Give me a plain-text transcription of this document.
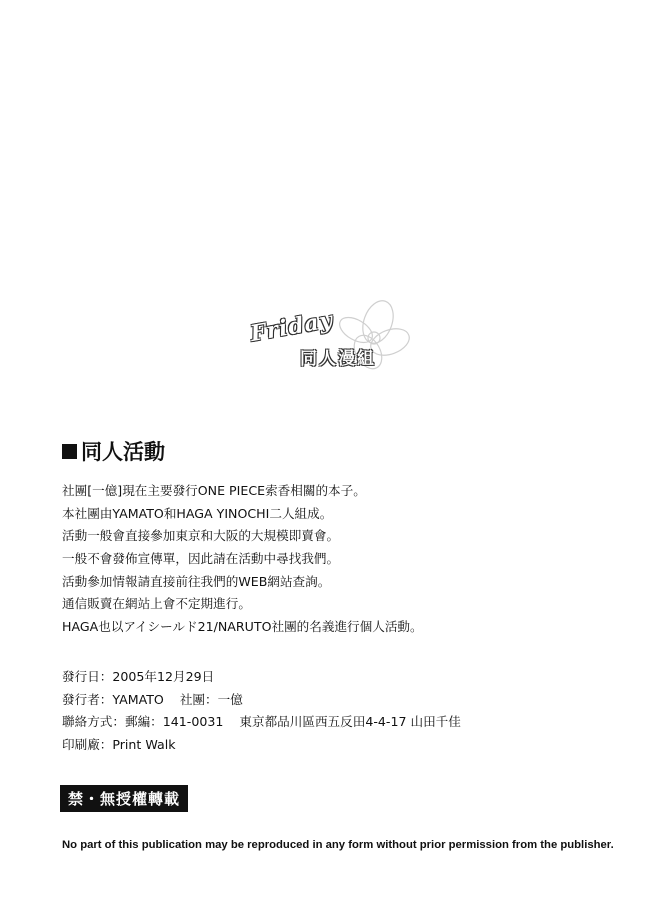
Friday
同人漫組
同人活動
社團[一億]現在主要發行ONE PIECE索香相關的本子。
本社團由YAMATO和HAGA YINOCHI二人組成。
活動一般會直接參加東京和大阪的大規模即賣會。
一般不會發佈宣傳單，因此請在活動中尋找我們。
活動參加情報請直接前往我們的WEB網站查詢。
通信販賣在網站上會不定期進行。
HAGA也以アイシールド21/NARUTO社團的名義進行個人活動。
發行日：2005年12月29日
發行者：YAMATO 社團：一億
聯絡方式：郵編：141-0031 東京都品川區西五反田4-4-17 山田千佳
印刷廠：Print Walk
禁・無授權轉載
No part of this publication may be reproduced in any form without prior permission from the publisher.
